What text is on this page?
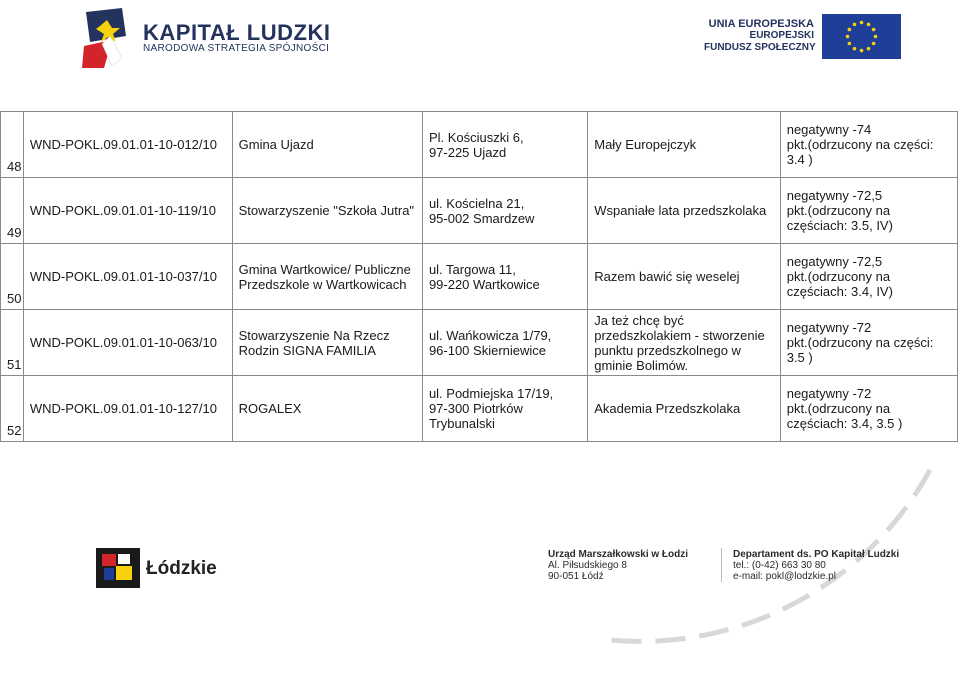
KAPITAŁ LUDZKI
NARODOWA STRATEGIA SPÓJNOŚCI
UNIA EUROPEJSKA
EUROPEJSKI
FUNDUSZ SPOŁECZNY
48	WND-POKL.09.01.01-10-012/10	Gmina Ujazd	Pl. Kościuszki 6,
97-225 Ujazd	Mały Europejczyk	negatywny -74
pkt.(odrzucony na części:
3.4 )
49	WND-POKL.09.01.01-10-119/10	Stowarzyszenie "Szkoła Jutra"	ul. Kościelna 21,
95-002 Smardzew	Wspaniałe lata przedszkolaka	negatywny -72,5
pkt.(odrzucony na
częściach: 3.5, IV)
50	WND-POKL.09.01.01-10-037/10	Gmina Wartkowice/ Publiczne
Przedszkole w Wartkowicach	ul. Targowa 11,
99-220 Wartkowice	Razem bawić się weselej	negatywny -72,5
pkt.(odrzucony na
częściach: 3.4, IV)
51	WND-POKL.09.01.01-10-063/10	Stowarzyszenie Na Rzecz
Rodzin SIGNA FAMILIA	ul. Wańkowicza 1/79,
96-100 Skierniewice	Ja też chcę być
przedszkolakiem - stworzenie
punktu przedszkolnego w
gminie Bolimów.	negatywny -72
pkt.(odrzucony na części:
3.5 )
52	WND-POKL.09.01.01-10-127/10	ROGALEX	ul. Podmiejska 17/19,
97-300 Piotrków
Trybunalski	Akademia Przedszkolaka	negatywny -72
pkt.(odrzucony na
częściach: 3.4, 3.5 )
Łódzkie
Urząd Marszałkowski w Łodzi
Al. Piłsudskiego 8
90-051 Łódź
Departament ds. PO Kapitał Ludzki
tel.: (0-42) 663 30 80
e-mail: pokl@lodzkie.pl
